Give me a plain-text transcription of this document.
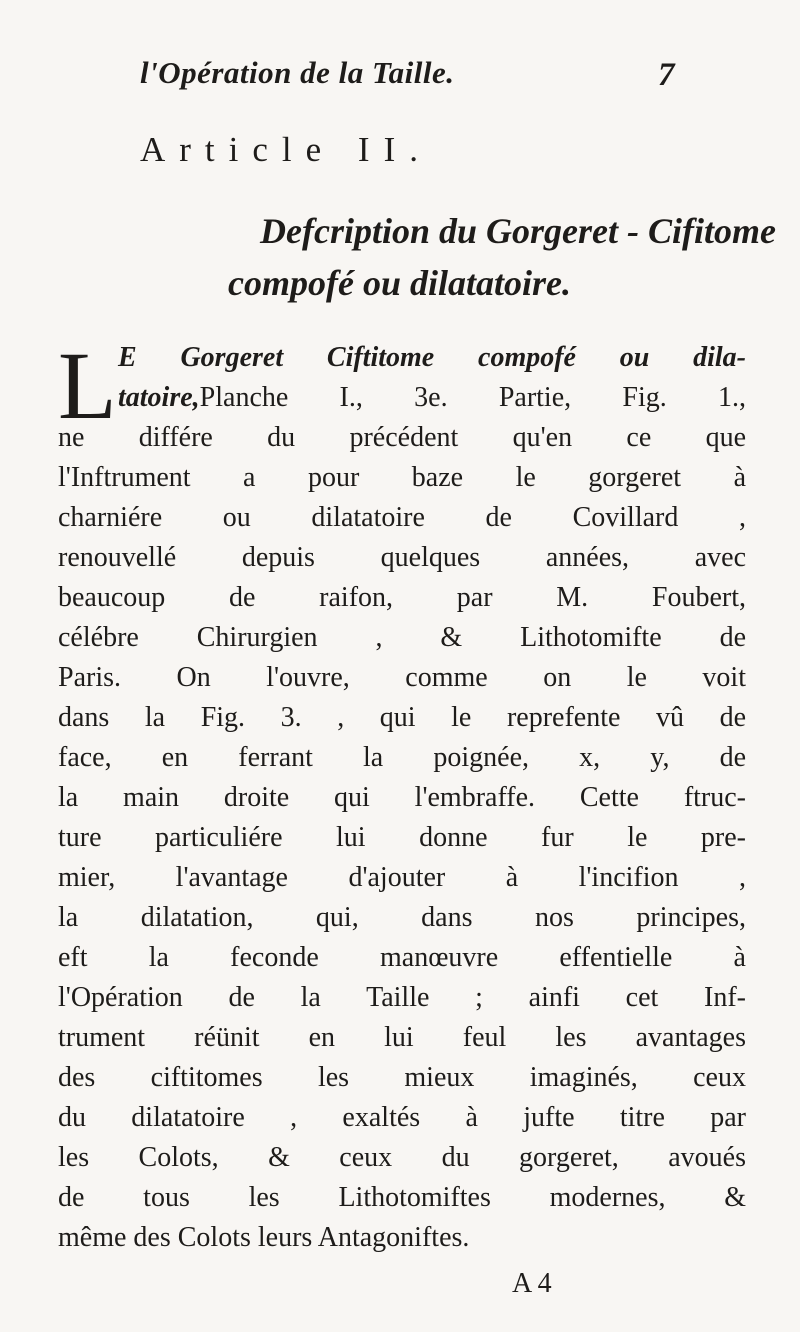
l'Opération de la Taille.	7
Article II.
Defcription du Gorgeret - Cifitome
compofé ou dilatatoire.
L E Gorgeret Ciftitome compofé ou dila-
tatoire,Planche I., 3e. Partie, Fig. 1.,
ne différe du précédent qu'en ce que
l'Inftrument a pour baze le gorgeret à
charniére ou dilatatoire de Covillard ,
renouvellé depuis quelques années, avec
beaucoup de raifon, par M. Foubert,
célébre Chirurgien , & Lithotomifte de
Paris. On l'ouvre, comme on le voit
dans la Fig. 3. , qui le reprefente vû de
face, en ferrant la poignée, x, y, de
la main droite qui l'embraffe. Cette ftruc-
ture particuliére lui donne fur le pre-
mier, l'avantage d'ajouter à l'incifion ,
la dilatation, qui, dans nos principes,
eft la feconde manœuvre effentielle à
l'Opération de la Taille ; ainfi cet Inf-
trument réünit en lui feul les avantages
des ciftitomes les mieux imaginés, ceux
du dilatatoire , exaltés à jufte titre par
les Colots, & ceux du gorgeret, avoués
de tous les Lithotomiftes modernes, &
même des Colots leurs Antagoniftes.
A 4
